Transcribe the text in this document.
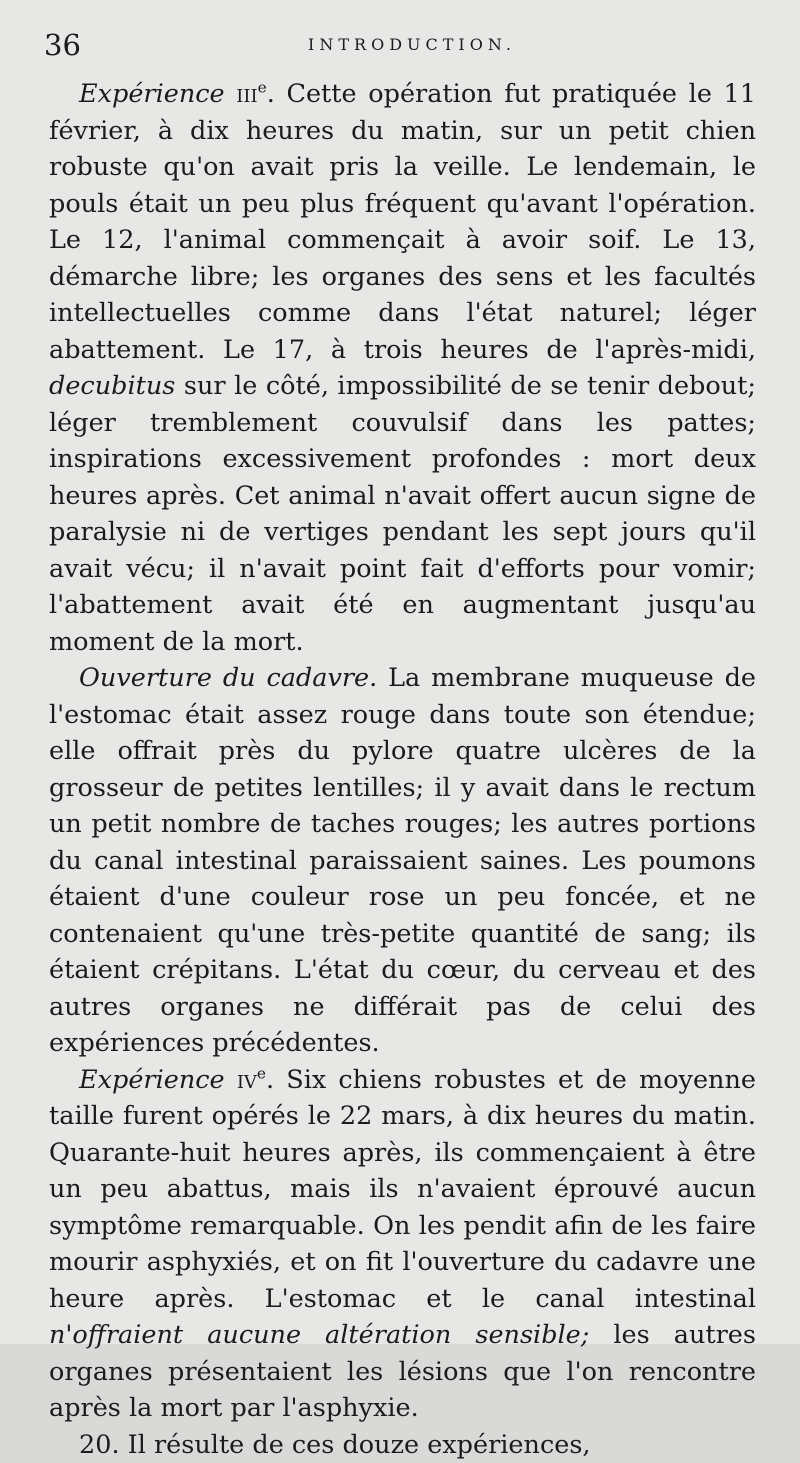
36	INTRODUCTION.

Expérience iii$^e$. Cette opération fut pratiquée le 11 février, à dix heures du matin, sur un petit chien robuste qu'on avait pris la veille. Le lendemain, le pouls était un peu plus fréquent qu'avant l'opération. Le 12, l'animal commençait à avoir soif. Le 13, démarche libre; les organes des sens et les facultés intellectuelles comme dans l'état naturel; léger abattement. Le 17, à trois heures de l'après-midi, decubitus sur le côté, impossibilité de se tenir debout; léger tremblement couvulsif dans les pattes; inspirations excessivement profondes : mort deux heures après. Cet animal n'avait offert aucun signe de paralysie ni de vertiges pendant les sept jours qu'il avait vécu; il n'avait point fait d'efforts pour vomir; l'abattement avait été en augmentant jusqu'au moment de la mort.

Ouverture du cadavre. La membrane muqueuse de l'estomac était assez rouge dans toute son étendue; elle offrait près du pylore quatre ulcères de la grosseur de petites lentilles; il y avait dans le rectum un petit nombre de taches rouges; les autres portions du canal intestinal paraissaient saines. Les poumons étaient d'une couleur rose un peu foncée, et ne contenaient qu'une très-petite quantité de sang; ils étaient crépitans. L'état du cœur, du cerveau et des autres organes ne différait pas de celui des expériences précédentes.

Expérience $iv^e$. Six chiens robustes et de moyenne taille furent opérés le 22 mars, à dix heures du matin. Quarante-huit heures après, ils commençaient à être un peu abattus, mais ils n'avaient éprouvé aucun symptôme remarquable. On les pendit afin de les faire mourir asphyxiés, et on fit l'ouverture du cadavre une heure après. L'estomac et le canal intestinal n'offraient aucune altération sensible; les autres organes présentaient les lésions que l'on rencontre après la mort par l'asphyxie.

20. Il résulte de ces douze expériences,
